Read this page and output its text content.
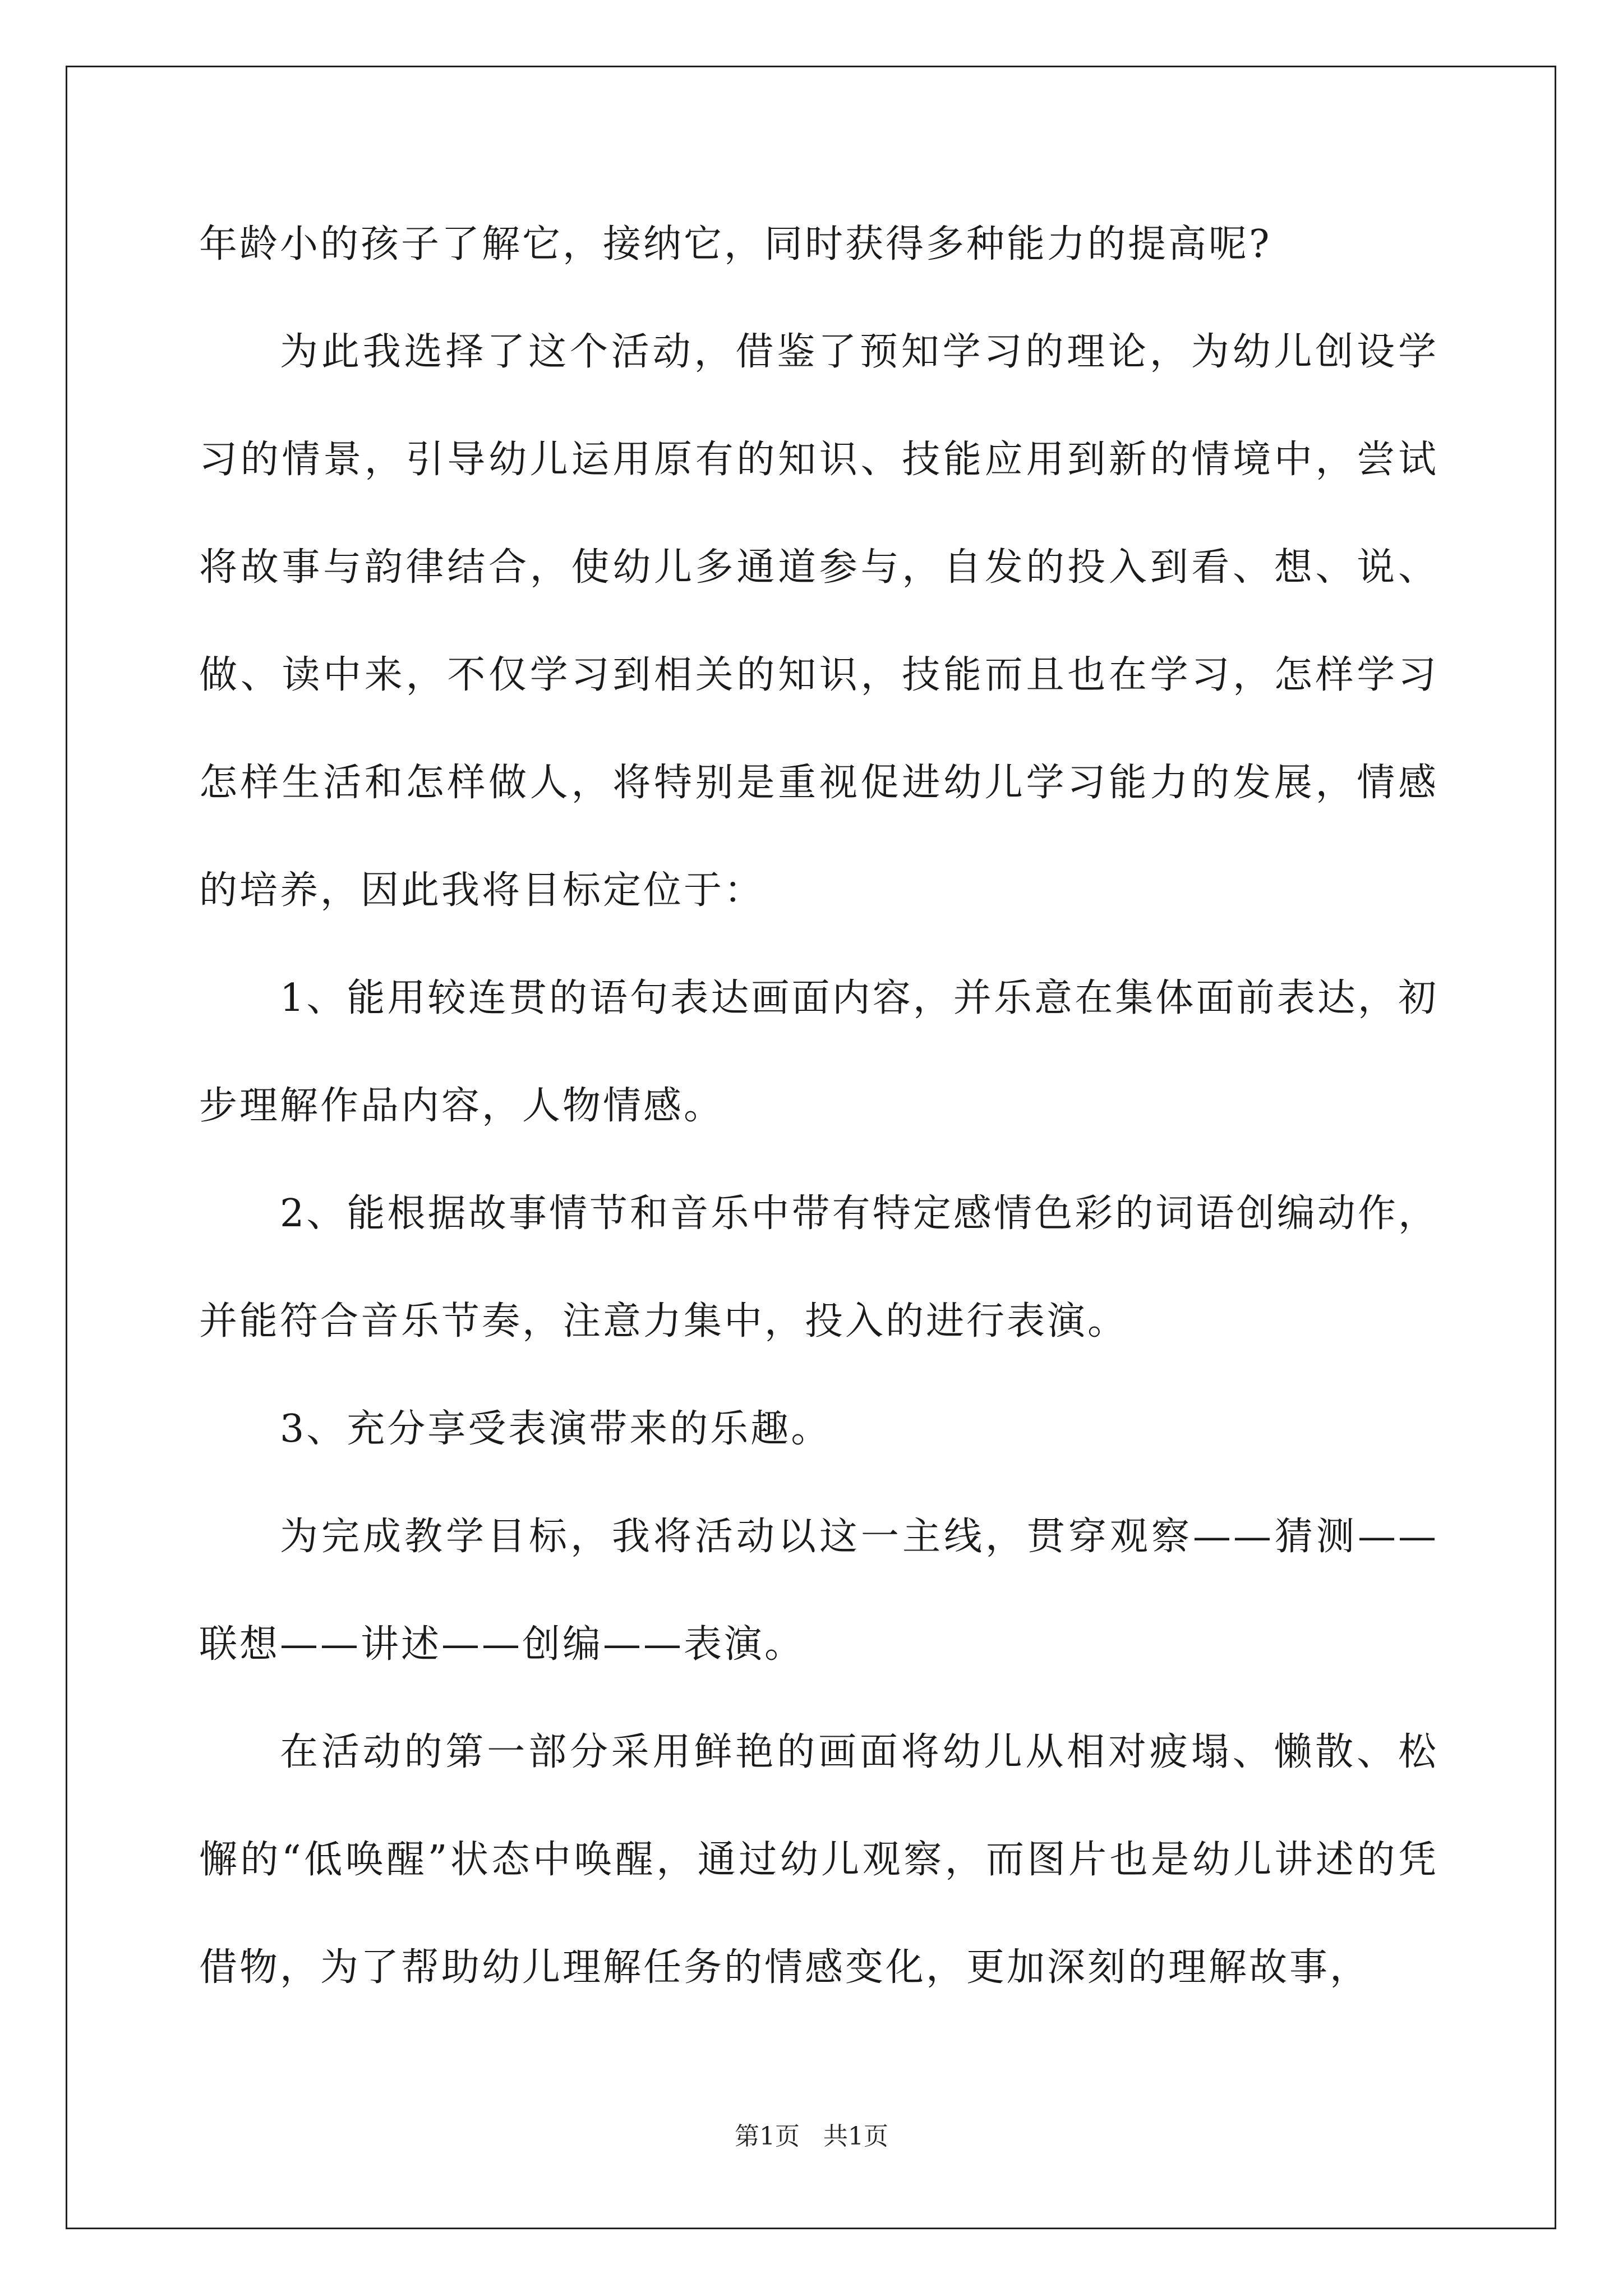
年龄小的孩子了解它，接纳它，同时获得多种能力的提高呢?

为此我选择了这个活动，借鉴了预知学习的理论，为幼儿创设学习的情景，引导幼儿运用原有的知识、技能应用到新的情境中，尝试将故事与韵律结合，使幼儿多通道参与，自发的投入到看、想、说、做、读中来，不仅学习到相关的知识，技能而且也在学习，怎样学习怎样生活和怎样做人，将特别是重视促进幼儿学习能力的发展，情感的培养，因此我将目标定位于：

1、能用较连贯的语句表达画面内容，并乐意在集体面前表达，初步理解作品内容，人物情感。

2、能根据故事情节和音乐中带有特定感情色彩的词语创编动作，并能符合音乐节奏，注意力集中，投入的进行表演。

3、充分享受表演带来的乐趣。

为完成教学目标，我将活动以这一主线，贯穿观察——猜测——联想——讲述——创编——表演。

在活动的第一部分采用鲜艳的画面将幼儿从相对疲塌、懒散、松懈的“低唤醒”状态中唤醒，通过幼儿观察，而图片也是幼儿讲述的凭借物，为了帮助幼儿理解任务的情感变化，更加深刻的理解故事，

第1页 共1页
